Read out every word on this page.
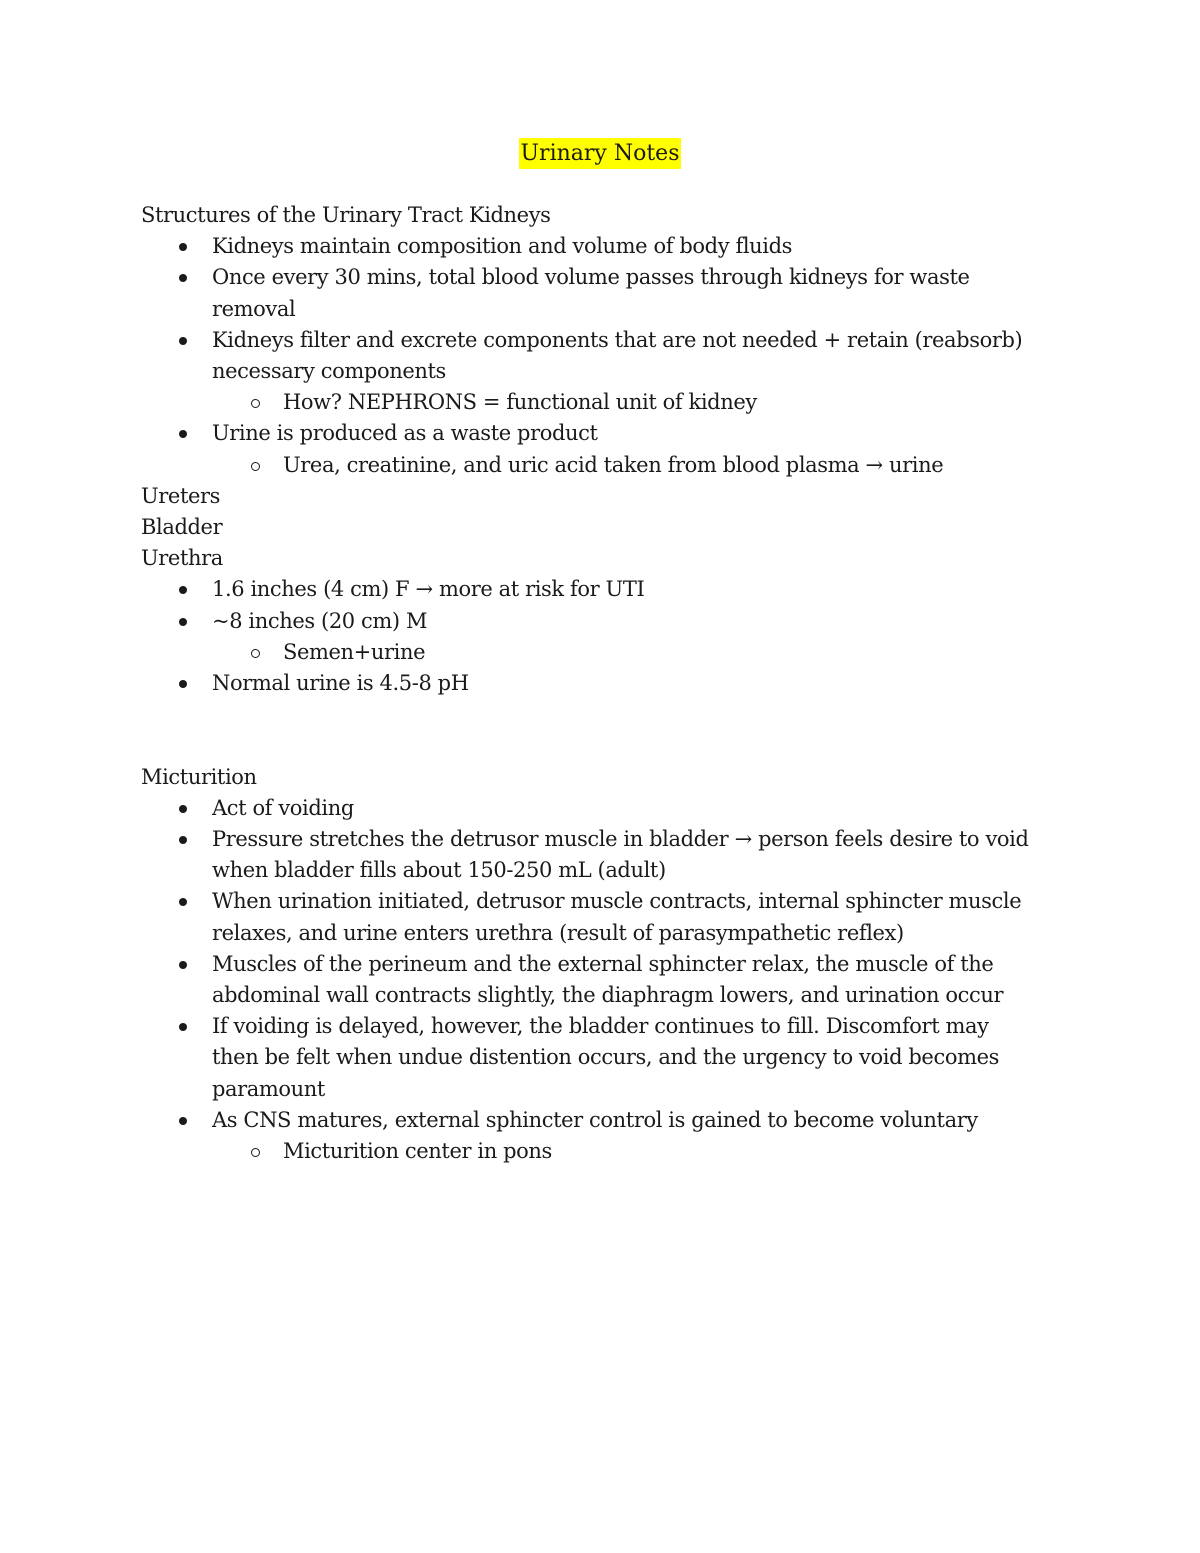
Urinary Notes

Structures of the Urinary Tract Kidneys

Kidneys maintain composition and volume of body fluids
Once every 30 mins, total blood volume passes through kidneys for waste
removal
Kidneys filter and excrete components that are not needed + retain (reabsorb)
necessary components
How? NEPHRONS = functional unit of kidney
Urine is produced as a waste product
Urea, creatinine, and uric acid taken from blood plasma → urine

Ureters

Bladder

Urethra

1.6 inches (4 cm) F → more at risk for UTI
~8 inches (20 cm) M
Semen+urine
Normal urine is 4.5-8 pH

Micturition

Act of voiding
Pressure stretches the detrusor muscle in bladder → person feels desire to void
when bladder fills about 150-250 mL (adult)
When urination initiated, detrusor muscle contracts, internal sphincter muscle
relaxes, and urine enters urethra (result of parasympathetic reflex)
Muscles of the perineum and the external sphincter relax, the muscle of the
abdominal wall contracts slightly, the diaphragm lowers, and urination occur
If voiding is delayed, however, the bladder continues to fill. Discomfort may
then be felt when undue distention occurs, and the urgency to void becomes
paramount
As CNS matures, external sphincter control is gained to become voluntary
Micturition center in pons
